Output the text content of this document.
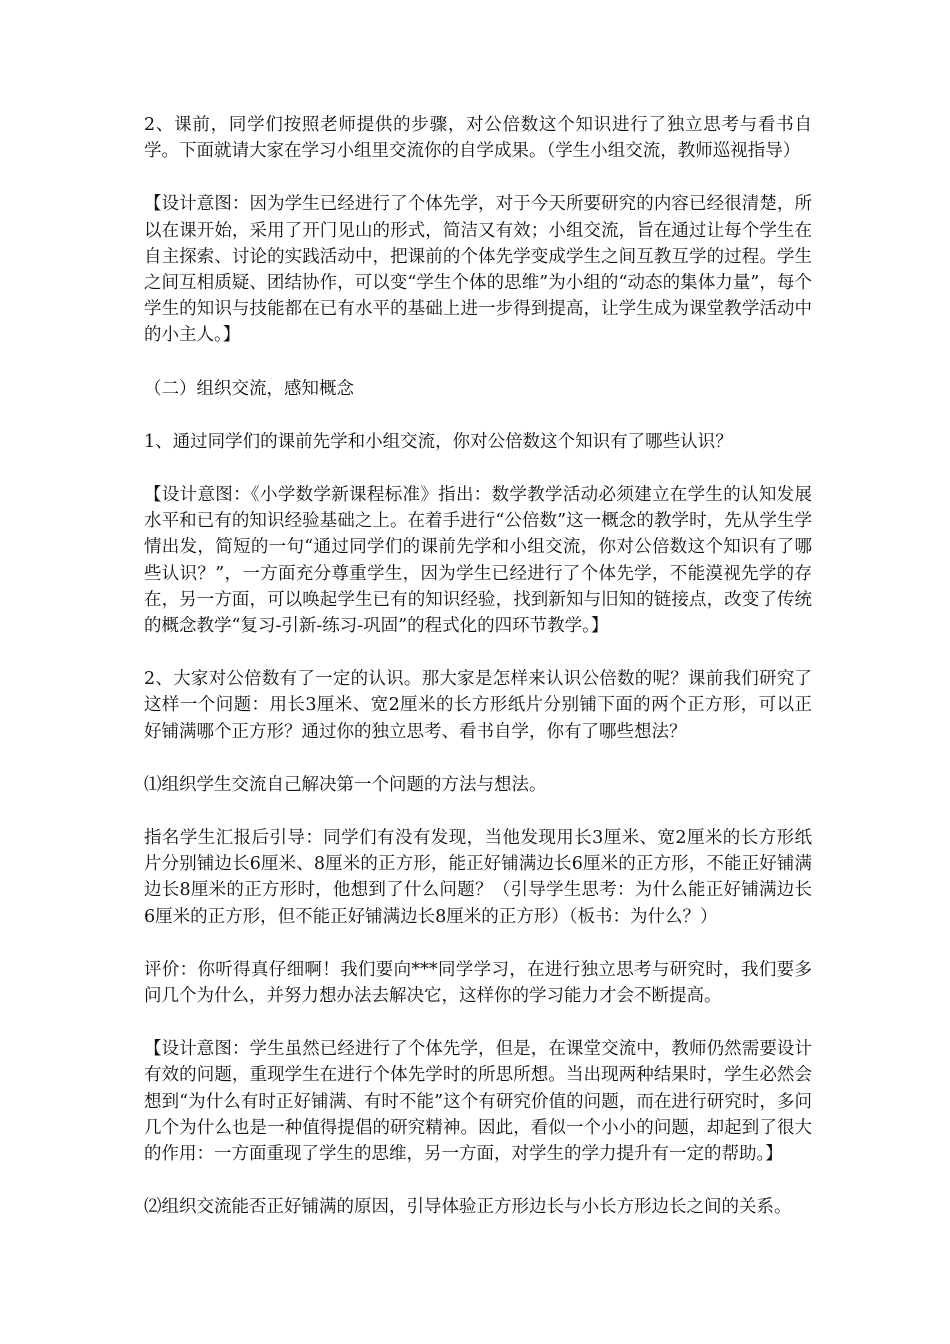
2、课前，同学们按照老师提供的步骤，对公倍数这个知识进行了独立思考与看书自学。下面就请大家在学习小组里交流你的自学成果。（学生小组交流，教师巡视指导）

【设计意图：因为学生已经进行了个体先学，对于今天所要研究的内容已经很清楚，所以在课开始，采用了开门见山的形式，简洁又有效；小组交流，旨在通过让每个学生在自主探索、讨论的实践活动中，把课前的个体先学变成学生之间互教互学的过程。学生之间互相质疑、团结协作，可以变“学生个体的思维”为小组的“动态的集体力量”，每个学生的知识与技能都在已有水平的基础上进一步得到提高，让学生成为课堂教学活动中的小主人。】

（二）组织交流，感知概念

1、通过同学们的课前先学和小组交流，你对公倍数这个知识有了哪些认识？

【设计意图：《小学数学新课程标准》指出：数学教学活动必须建立在学生的认知发展水平和已有的知识经验基础之上。在着手进行“公倍数”这一概念的教学时，先从学生学情出发，简短的一句“通过同学们的课前先学和小组交流，你对公倍数这个知识有了哪些认识？”，一方面充分尊重学生，因为学生已经进行了个体先学，不能漠视先学的存在，另一方面，可以唤起学生已有的知识经验，找到新知与旧知的链接点，改变了传统的概念教学“复习-引新-练习-巩固”的程式化的四环节教学。】

2、大家对公倍数有了一定的认识。那大家是怎样来认识公倍数的呢？课前我们研究了这样一个问题：用长3厘米、宽2厘米的长方形纸片分别铺下面的两个正方形，可以正好铺满哪个正方形？通过你的独立思考、看书自学，你有了哪些想法？

⑴组织学生交流自己解决第一个问题的方法与想法。

指名学生汇报后引导：同学们有没有发现，当他发现用长3厘米、宽2厘米的长方形纸片分别铺边长6厘米、8厘米的正方形，能正好铺满边长6厘米的正方形，不能正好铺满边长8厘米的正方形时，他想到了什么问题？（引导学生思考：为什么能正好铺满边长6厘米的正方形，但不能正好铺满边长8厘米的正方形）（板书：为什么？）

评价：你听得真仔细啊！我们要向***同学学习，在进行独立思考与研究时，我们要多问几个为什么，并努力想办法去解决它，这样你的学习能力才会不断提高。

【设计意图：学生虽然已经进行了个体先学，但是，在课堂交流中，教师仍然需要设计有效的问题，重现学生在进行个体先学时的所思所想。当出现两种结果时，学生必然会想到“为什么有时正好铺满、有时不能”这个有研究价值的问题，而在进行研究时，多问几个为什么也是一种值得提倡的研究精神。因此，看似一个小小的问题，却起到了很大的作用：一方面重现了学生的思维，另一方面，对学生的学力提升有一定的帮助。】

⑵组织交流能否正好铺满的原因，引导体验正方形边长与小长方形边长之间的关系。
